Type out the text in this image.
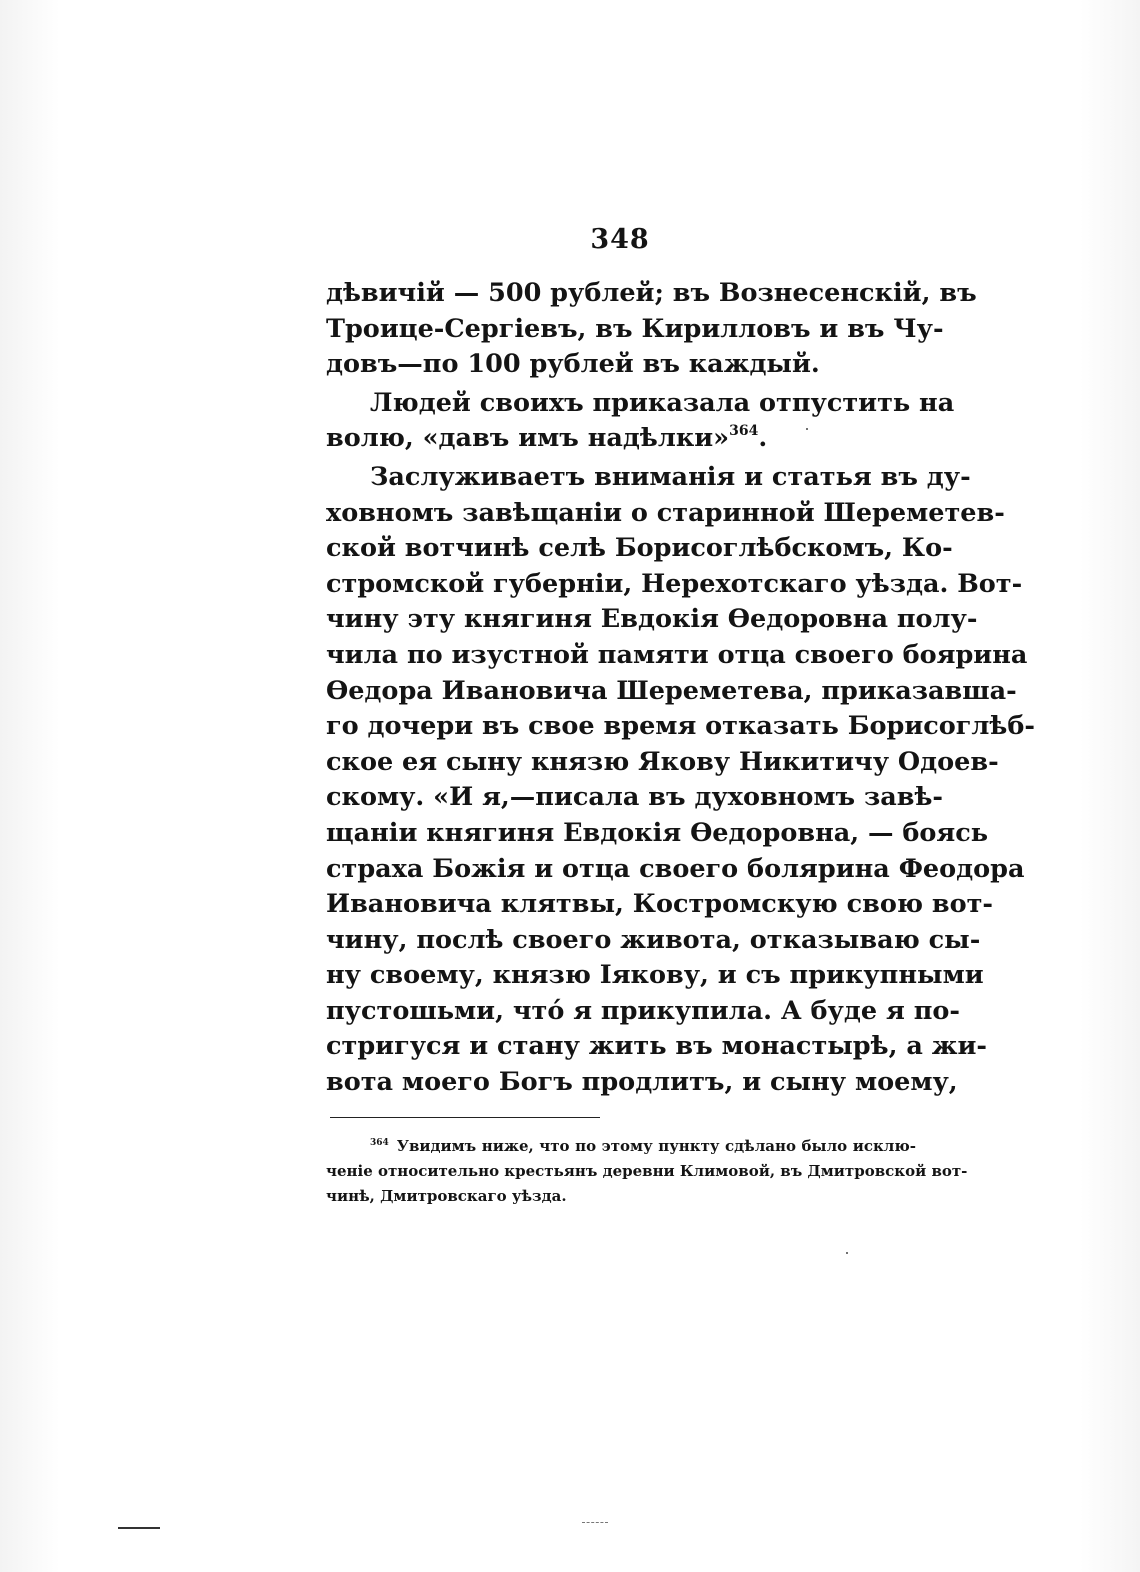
348
дѣвичій — 500 рублей; въ Вознесенскій, въ
Троице-Сергіевъ, въ Кирилловъ и въ Чу-
довъ—по 100 рублей въ каждый.
Людей своихъ приказала отпустить на
волю, «давъ имъ надѣлки»$^{364}$.
Заслуживаетъ вниманія и статья въ ду-
ховномъ завѣщаніи о старинной Шереметев-
ской вотчинѣ селѣ Борисоглѣбскомъ, Ко-
стромской губерніи, Нерехотскаго уѣзда. Вот-
чину эту княгиня Евдокія Өедоровна полу-
чила по изустной памяти отца своего боярина
Өедора Ивановича Шереметева, приказавша-
го дочери въ свое время отказать Борисоглѣб-
ское ея сыну князю Якову Никитичу Одоев-
скому. «И я,—писала въ духовномъ завѣ-
щаніи княгиня Евдокія Өедоровна, — боясь
страха Божія и отца своего болярина Феодора
Ивановича клятвы, Костромскую свою вот-
чину, послѣ своего живота, отказываю сы-
ну своему, князю Іякову, и съ прикупными
пустошьми, что́ я прикупила. А буде я по-
стригуся и стану жить въ монастырѣ, а жи-
вота моего Богъ продлитъ, и сыну моему,
$^{364}$ Увидимъ ниже, что по этому пункту сдѣлано было исклю-
ченіе относительно крестьянъ деревни Климовой, въ Дмитровской вот-
чинѣ, Дмитровскаго уѣзда.
